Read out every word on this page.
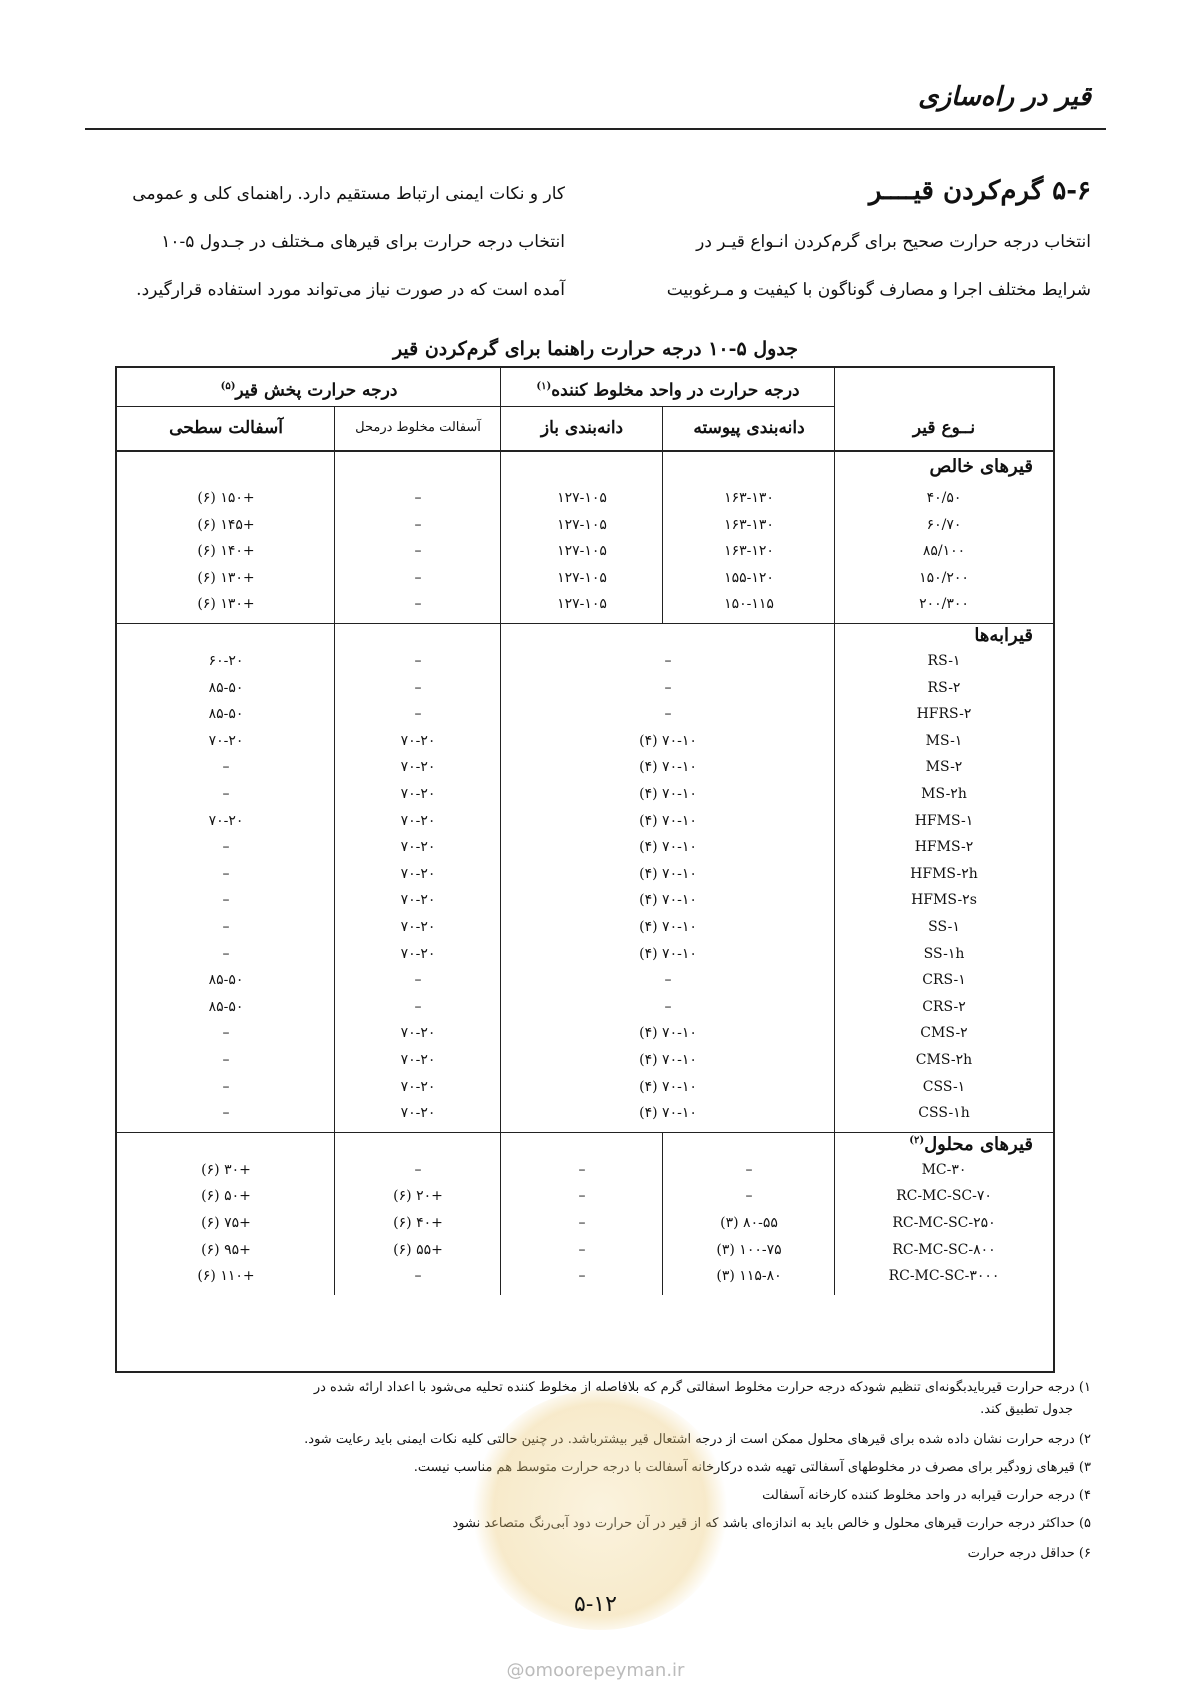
قیر در راه‌سازی
۵-۶ گرم‌کردن قیــــر
انتخاب درجه حرارت صحیح برای گرم‌کردن انـواع قیـر در
شرایط مختلف اجرا و مصارف گوناگون با کیفیت و مـرغوبیت
کار و نکات ایمنی ارتباط مستقیم دارد. راهنمای کلی و عمومی
انتخاب درجه حرارت برای قیرهای مـختلف در جـدول ۵-۱۰
آمده است که در صورت نیاز می‌تواند مورد استفاده قرارگیرد.
جدول ۵-۱۰ درجه حرارت راهنما برای گرم‌کردن قیر
درجه حرارت در واحد مخلوط کننده$^{(۱)}$
درجه حرارت پخش قیر$^{(۵)}$
نــوع قیر
دانه‌بندی پیوسته
دانه‌بندی باز
آسفالت مخلوط درمحل
آسفالت سطحی
قیرهای خالص
۴۰/۵۰
۱۶۳-۱۳۰
۱۲۷-۱۰۵
–
+۱۵۰ (۶)
۶۰/۷۰
۱۶۳-۱۳۰
۱۲۷-۱۰۵
–
+۱۴۵ (۶)
۸۵/۱۰۰
۱۶۳-۱۲۰
۱۲۷-۱۰۵
–
+۱۴۰ (۶)
۱۵۰/۲۰۰
۱۵۵-۱۲۰
۱۲۷-۱۰۵
–
+۱۳۰ (۶)
۲۰۰/۳۰۰
۱۵۰-۱۱۵
۱۲۷-۱۰۵
–
+۱۳۰ (۶)
قیرابه‌ها
RS-۱
–
–
۶۰-۲۰
RS-۲
–
–
۸۵-۵۰
HFRS-۲
–
–
۸۵-۵۰
MS-۱
۷۰-۱۰ (۴)
۷۰-۲۰
۷۰-۲۰
MS-۲
۷۰-۱۰ (۴)
۷۰-۲۰
–
MS-۲h
۷۰-۱۰ (۴)
۷۰-۲۰
–
HFMS-۱
۷۰-۱۰ (۴)
۷۰-۲۰
۷۰-۲۰
HFMS-۲
۷۰-۱۰ (۴)
۷۰-۲۰
–
HFMS-۲h
۷۰-۱۰ (۴)
۷۰-۲۰
–
HFMS-۲s
۷۰-۱۰ (۴)
۷۰-۲۰
–
SS-۱
۷۰-۱۰ (۴)
۷۰-۲۰
–
SS-۱h
۷۰-۱۰ (۴)
۷۰-۲۰
–
CRS-۱
–
–
۸۵-۵۰
CRS-۲
–
–
۸۵-۵۰
CMS-۲
۷۰-۱۰ (۴)
۷۰-۲۰
–
CMS-۲h
۷۰-۱۰ (۴)
۷۰-۲۰
–
CSS-۱
۷۰-۱۰ (۴)
۷۰-۲۰
–
CSS-۱h
۷۰-۱۰ (۴)
۷۰-۲۰
–
قیرهای محلول$^{(۲)}$
MC-۳۰
–
–
–
+۳۰ (۶)
RC-MC-SC-۷۰
–
–
+۲۰ (۶)
+۵۰ (۶)
RC-MC-SC-۲۵۰
۸۰-۵۵ (۳)
–
+۴۰ (۶)
+۷۵ (۶)
RC-MC-SC-۸۰۰
۱۰۰-۷۵ (۳)
–
+۵۵ (۶)
+۹۵ (۶)
RC-MC-SC-۳۰۰۰
۱۱۵-۸۰ (۳)
–
–
+۱۱۰ (۶)
۱) درجه حرارت قیربایدبگونه‌ای تنظیم شودکه درجه حرارت مخلوط اسفالتی گرم که بلافاصله از مخلوط کننده تحلیه می‌شود با اعداد ارائه شده در
جدول تطبیق کند.
۲) درجه حرارت نشان داده شده برای قیرهای محلول ممکن است از درجه اشتعال قیر بیشترباشد. در چنین حالتی کلیه نکات ایمنی باید رعایت شود.
۳) قیرهای زودگیر برای مصرف در مخلوطهای آسفالتی تهیه شده درکارخانه آسفالت با درجه حرارت متوسط هم مناسب نیست.
۴) درجه حرارت قیرابه در واحد مخلوط کننده کارخانه آسفالت
۵) حداکثر درجه حرارت قیرهای محلول و خالص باید به اندازه‌ای باشد که از قیر در آن حرارت دود آبی‌رنگ متصاعد نشود
۶) حداقل درجه حرارت
۵-۱۲
@omoorepeyman.ir
